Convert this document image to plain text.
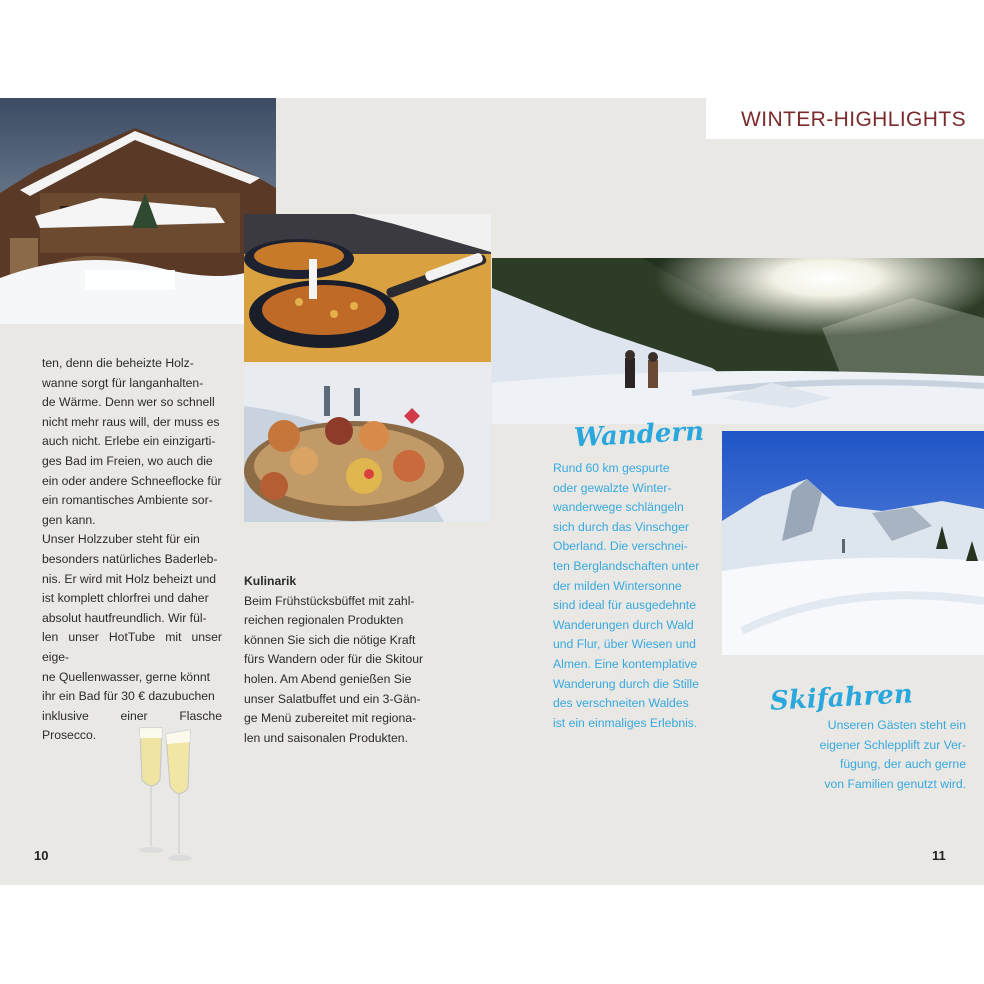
WINTER-HIGHLIGHTS

ten, denn die beheizte Holz-

wanne sorgt für langanhalten-

de Wärme. Denn wer so schnell

nicht mehr raus will, der muss es

auch nicht. Erlebe ein einzigarti-

ges Bad im Freien, wo auch die

ein oder andere Schneeflocke für

ein romantisches Ambiente sor-

gen kann.

Unser Holzzuber steht für ein

besonders natürliches Baderleb-

nis. Er wird mit Holz beheizt und

ist komplett chlorfrei und daher

absolut hautfreundlich. Wir fül-

len unser HotTube mit unser eige-

ne Quellenwasser, gerne könnt

ihr ein Bad für 30 € dazubuchen

inklusive einer Flasche Prosecco.

Kulinarik

Beim Frühstücksbüffet mit zahl-

reichen regionalen Produkten

können Sie sich die nötige Kraft

fürs Wandern oder für die Skitour

holen. Am Abend genießen Sie

unser Salatbuffet und ein 3-Gän-

ge Menü zubereitet mit regiona-

len und saisonalen Produkten.

Wandern
Rund 60 km gespurte
oder gewalzte Winter-
wanderwege schlängeln
sich durch das Vinschger
Oberland. Die verschnei-
ten Berglandschaften unter
der milden Wintersonne
sind ideal für ausgedehnte
Wanderungen durch Wald
und Flur, über Wiesen und
Almen. Eine kontemplative
Wanderung durch die Stille
des verschneiten Waldes
ist ein einmaliges Erlebnis.
Skifahren
Unseren Gästen steht ein
eigener Schlepplift zur Ver-
fügung, der auch gerne
von Familien genutzt wird.
10	11
